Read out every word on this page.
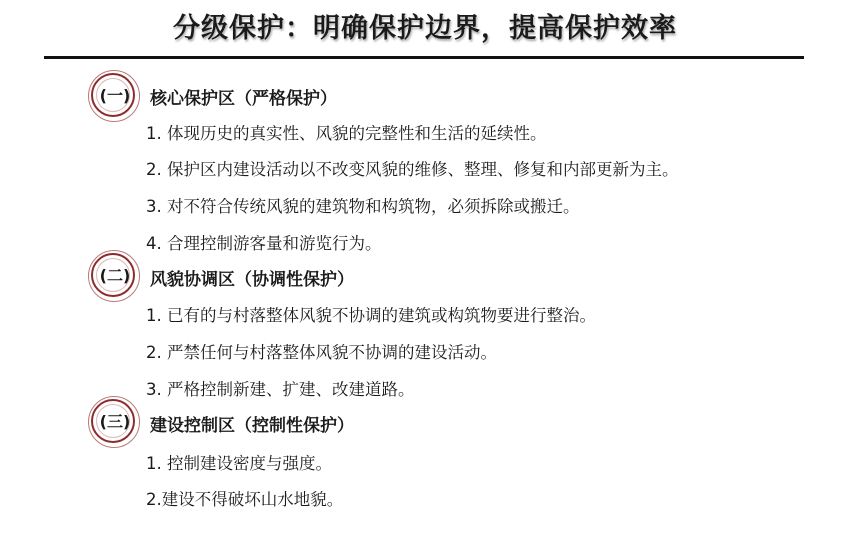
分级保护：明确保护边界，提高保护效率
(一)	核心保护区（严格保护）
1. 体现历史的真实性、风貌的完整性和生活的延续性。
2. 保护区内建设活动以不改变风貌的维修、整理、修复和内部更新为主。
3. 对不符合传统风貌的建筑物和构筑物，必须拆除或搬迁。
4. 合理控制游客量和游览行为。
(二)	风貌协调区（协调性保护）
1. 已有的与村落整体风貌不协调的建筑或构筑物要进行整治。
2. 严禁任何与村落整体风貌不协调的建设活动。
3. 严格控制新建、扩建、改建道路。
(三)	建设控制区（控制性保护）
1. 控制建设密度与强度。
2.建设不得破坏山水地貌。
